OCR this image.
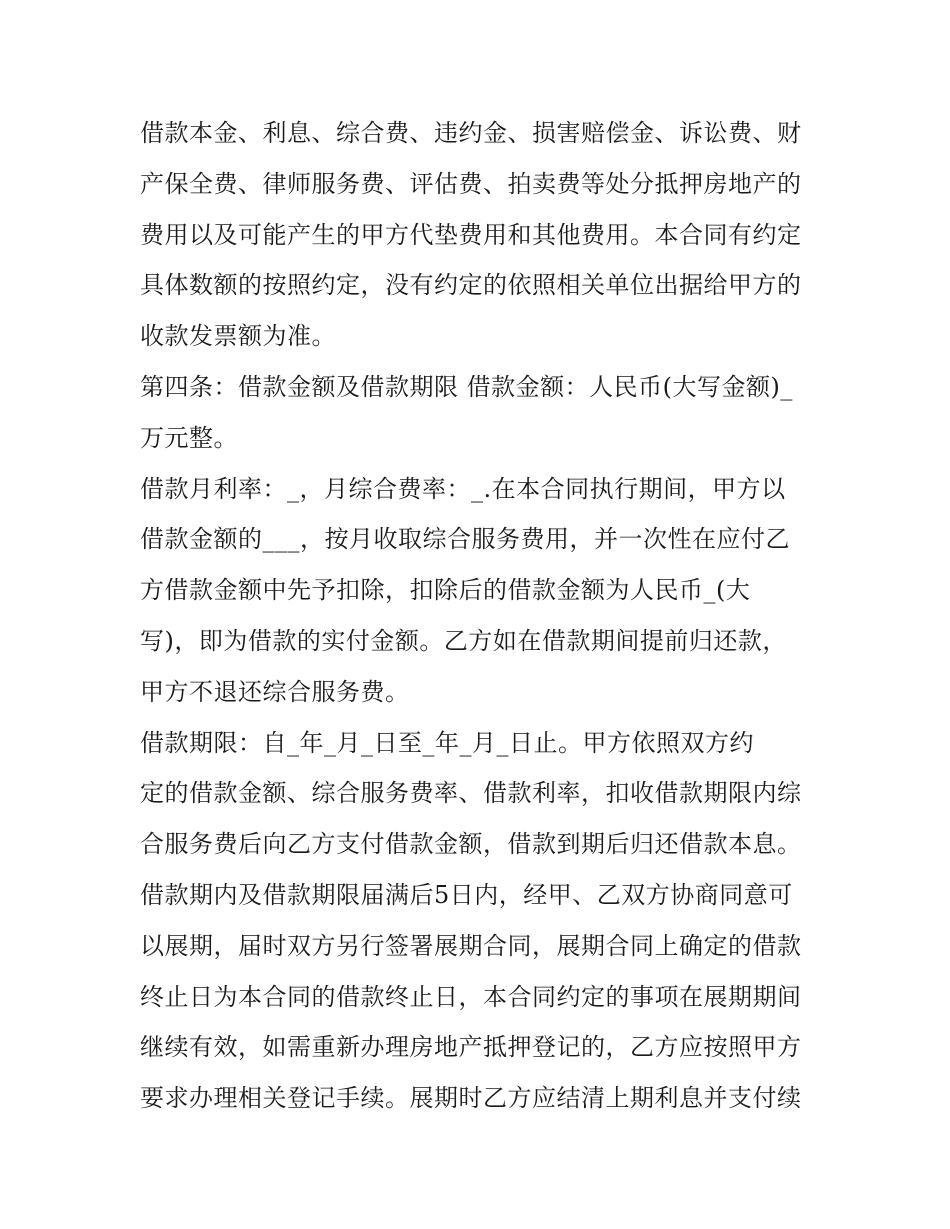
借款本金、利息、综合费、违约金、损害赔偿金、诉讼费、财
产保全费、律师服务费、评估费、拍卖费等处分抵押房地产的
费用以及可能产生的甲方代垫费用和其他费用。本合同有约定
具体数额的按照约定，没有约定的依照相关单位出据给甲方的
收款发票额为准。
第四条：借款金额及借款期限 借款金额：人民币(大写金额)_
万元整。
借款月利率：_，月综合费率：_.在本合同执行期间，甲方以
借款金额的___，按月收取综合服务费用，并一次性在应付乙
方借款金额中先予扣除，扣除后的借款金额为人民币_(大
写)，即为借款的实付金额。乙方如在借款期间提前归还款，
甲方不退还综合服务费。
借款期限：自_年_月_日至_年_月_日止。甲方依照双方约
定的借款金额、综合服务费率、借款利率，扣收借款期限内综
合服务费后向乙方支付借款金额，借款到期后归还借款本息。
借款期内及借款期限届满后5日内，经甲、乙双方协商同意可
以展期，届时双方另行签署展期合同，展期合同上确定的借款
终止日为本合同的借款终止日，本合同约定的事项在展期期间
继续有效，如需重新办理房地产抵押登记的，乙方应按照甲方
要求办理相关登记手续。展期时乙方应结清上期利息并支付续
